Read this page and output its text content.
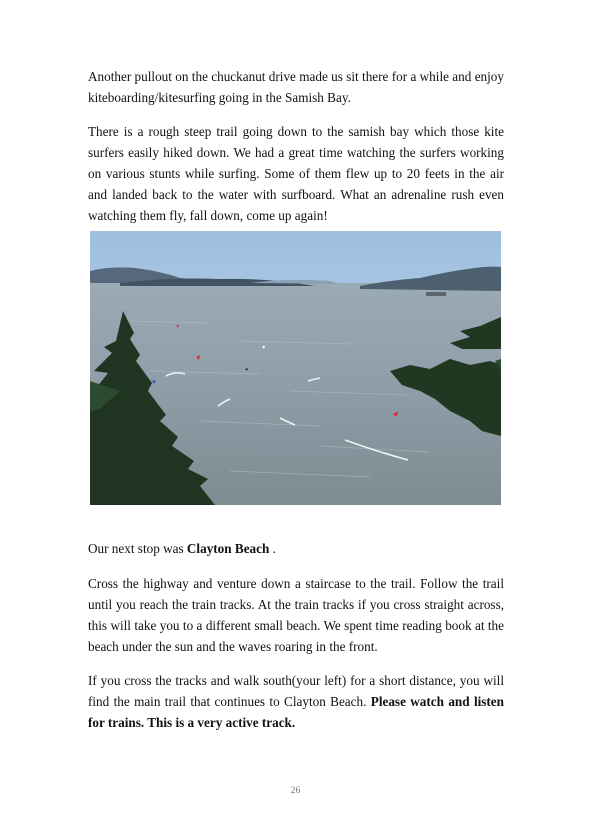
Another pullout on the chuckanut drive made us sit there for a while and enjoy kiteboarding/kitesurfing going in the Samish Bay.

There is a rough steep trail going down to the samish bay which those kite surfers easily hiked down. We had a great time watching the surfers working on various stunts while surfing. Some of them flew up to 20 feets in the air and landed back to the water with surfboard. What an adrenaline rush even watching them fly, fall down, come up again!

Our next stop was Clayton Beach .

Cross the highway and venture down a staircase to the trail. Follow the trail until you reach the train tracks. At the train tracks if you cross straight across, this will take you to a different small beach. We spent time reading book at the beach under the sun and the waves roaring in the front.

If you cross the tracks and walk south(your left) for a short distance, you will find the main trail that continues to Clayton Beach. Please watch and listen for trains. This is a very active track.

26
